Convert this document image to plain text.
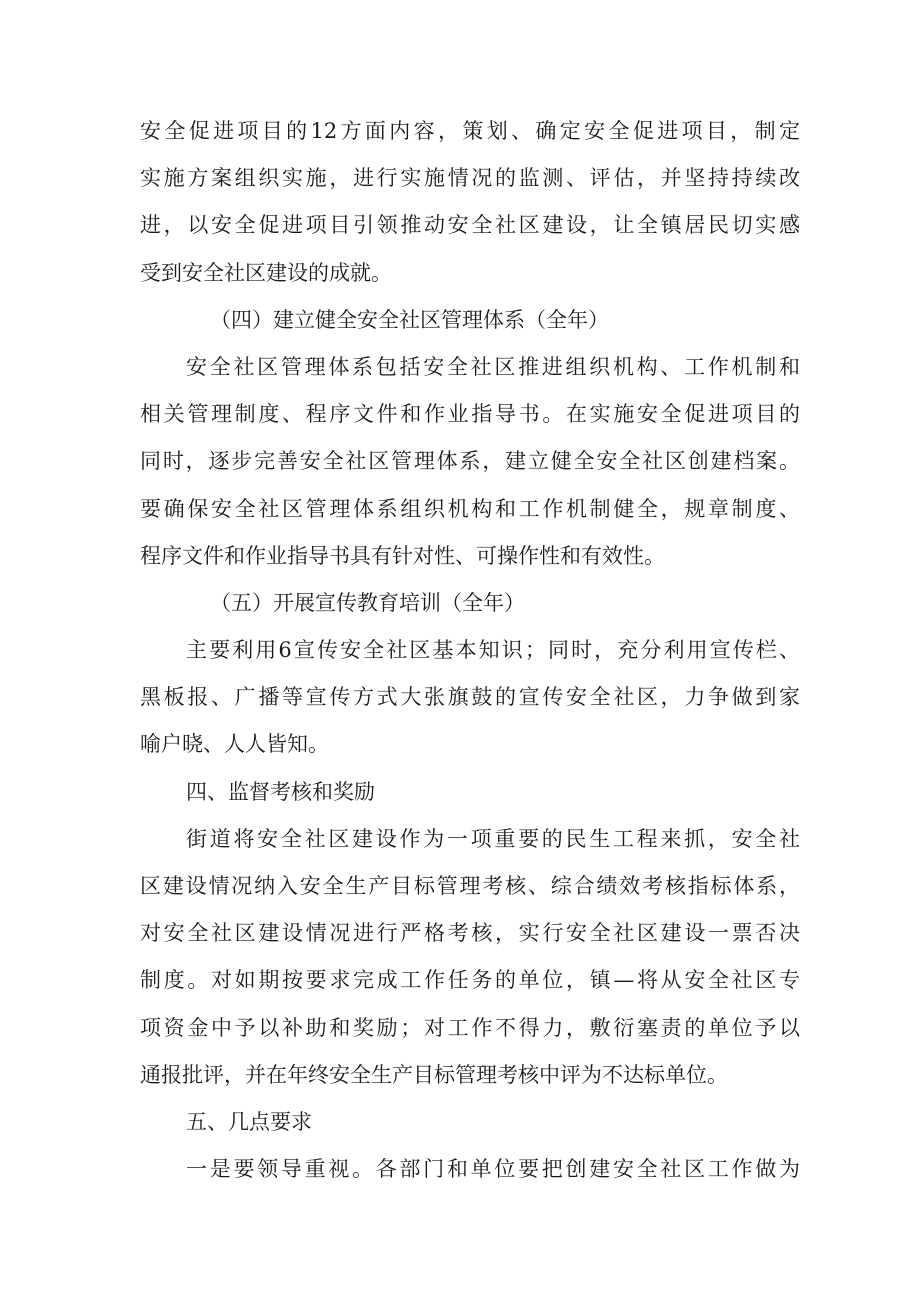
安全促进项目的12方面内容，策划、确定安全促进项目，制定
实施方案组织实施，进行实施情况的监测、评估，并坚持持续改
进，以安全促进项目引领推动安全社区建设，让全镇居民切实感
受到安全社区建设的成就。
（四）建立健全安全社区管理体系（全年）
安全社区管理体系包括安全社区推进组织机构、工作机制和
相关管理制度、程序文件和作业指导书。在实施安全促进项目的
同时，逐步完善安全社区管理体系，建立健全安全社区创建档案。
要确保安全社区管理体系组织机构和工作机制健全，规章制度、
程序文件和作业指导书具有针对性、可操作性和有效性。
（五）开展宣传教育培训（全年）
主要利用6宣传安全社区基本知识；同时，充分利用宣传栏、
黑板报、广播等宣传方式大张旗鼓的宣传安全社区，力争做到家
喻户晓、人人皆知。
四、监督考核和奖励
街道将安全社区建设作为一项重要的民生工程来抓，安全社
区建设情况纳入安全生产目标管理考核、综合绩效考核指标体系，
对安全社区建设情况进行严格考核，实行安全社区建设一票否决
制度。对如期按要求完成工作任务的单位，镇—将从安全社区专
项资金中予以补助和奖励；对工作不得力，敷衍塞责的单位予以
通报批评，并在年终安全生产目标管理考核中评为不达标单位。
五、几点要求
一是要领导重视。各部门和单位要把创建安全社区工作做为
